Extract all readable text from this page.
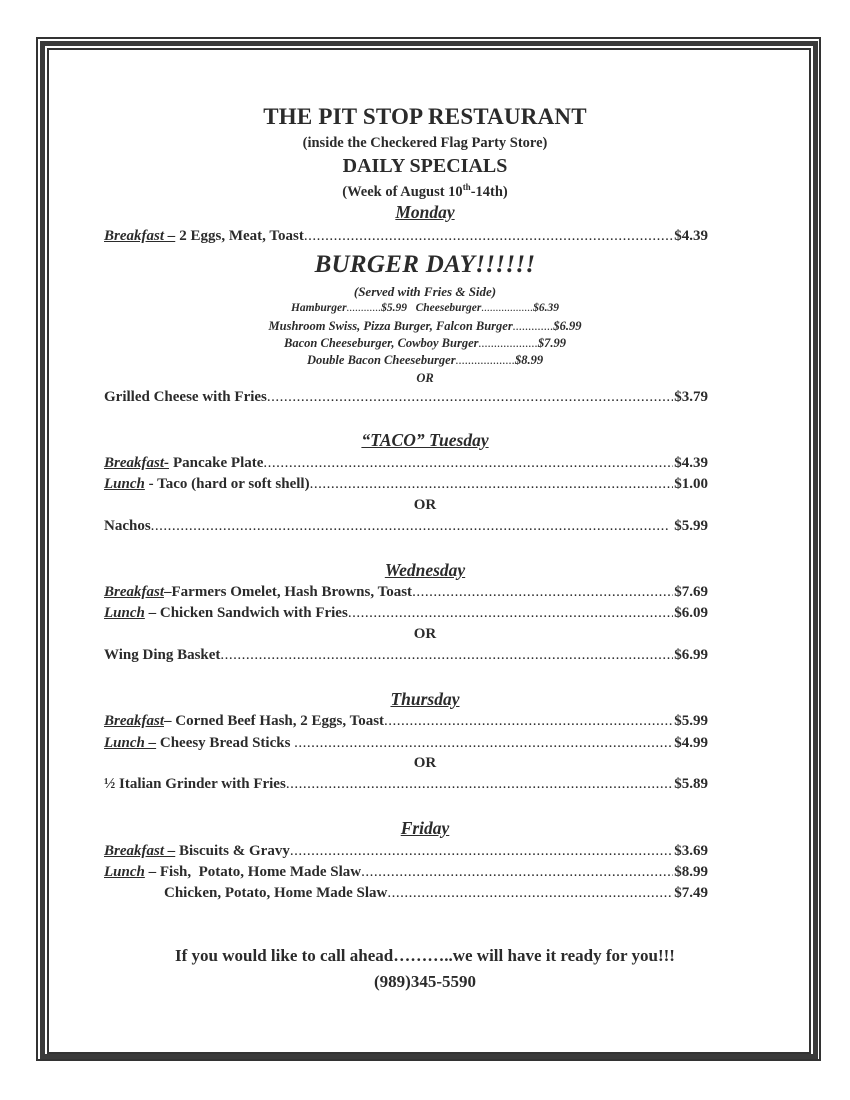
THE PIT STOP RESTAURANT
(inside the Checkered Flag Party Store)
DAILY SPECIALS
(Week of August 10th-14th)
Monday
Breakfast – 2 Eggs, Meat, Toast .....	$4.39
BURGER DAY!!!!!!
(Served with Fries & Side)
Hamburger............$5.99 Cheeseburger..................$6.39
Mushroom Swiss, Pizza Burger, Falcon Burger.............$6.99
Bacon Cheeseburger, Cowboy Burger...................$7.99
Double Bacon Cheeseburger...................$8.99
OR
Grilled Cheese with Fries .....	$3.79
“TACO” Tuesday
Breakfast- Pancake Plate .....	$4.39
Lunch - Taco (hard or soft shell) .....	$1.00
OR
Nachos .....	$5.99
Wednesday
Breakfast –Farmers Omelet, Hash Browns, Toast .....	$7.69
Lunch – Chicken Sandwich with Fries .....	$6.09
OR
Wing Ding Basket .....	$6.99
Thursday
Breakfast – Corned Beef Hash, 2 Eggs, Toast .....	$5.99
Lunch – Cheesy Bread Sticks .....	$4.99
OR
½ Italian Grinder with Fries .....	$5.89
Friday
Breakfast – Biscuits & Gravy .....	$3.69
Lunch – Fish,  Potato, Home Made Slaw .....	$8.99
Chicken, Potato, Home Made Slaw .....	$7.49
If you would like to call ahead………..we will have it ready for you!!!
(989)345-5590
